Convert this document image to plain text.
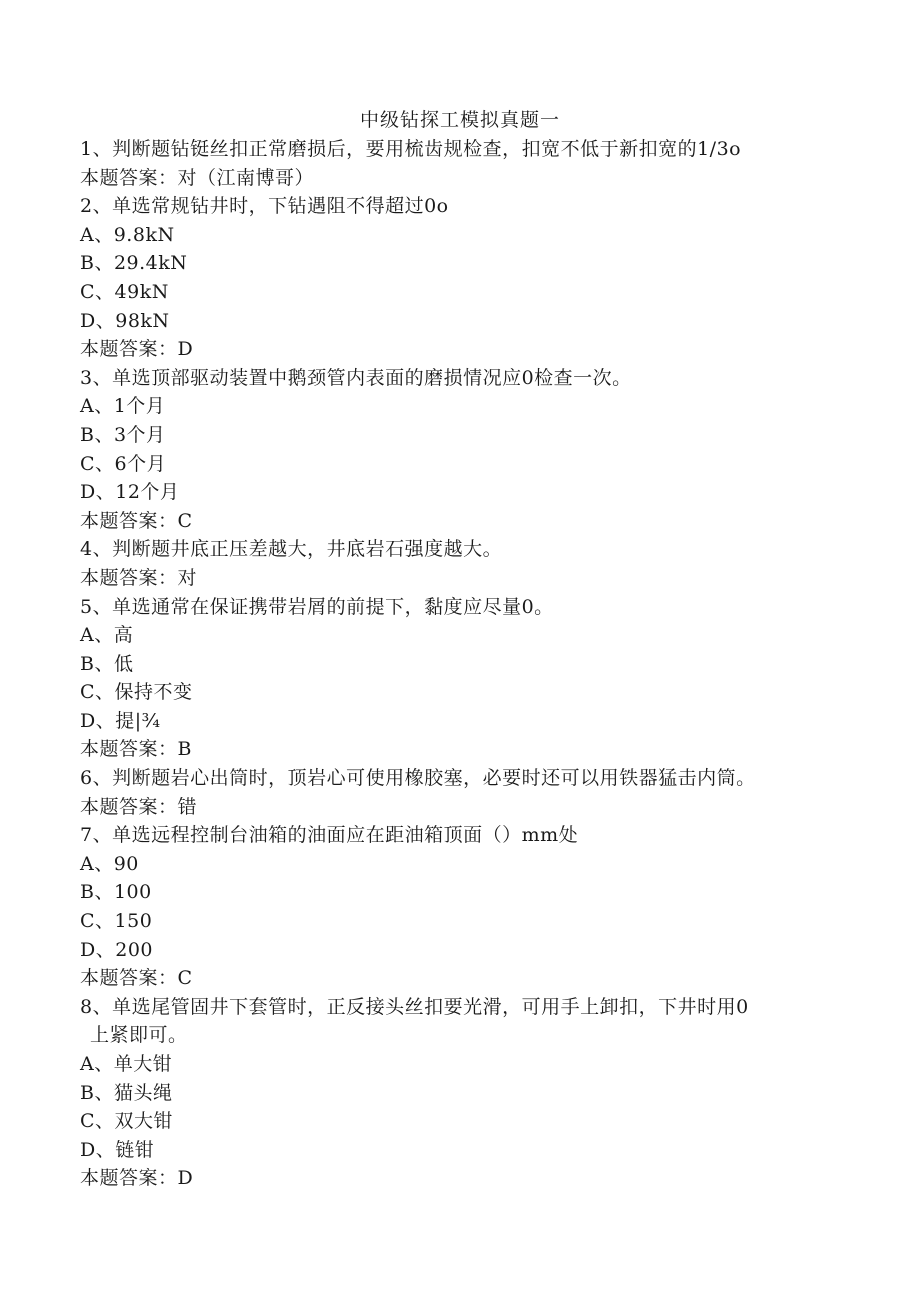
中级钻探工模拟真题一
1、判断题钻铤丝扣正常磨损后，要用梳齿规检查，扣宽不低于新扣宽的1/3o
本题答案：对（江南博哥）
2、单选常规钻井时，下钻遇阻不得超过0o
A、9.8kN
B、29.4kN
C、49kN
D、98kN
本题答案：D
3、单选顶部驱动装置中鹅颈管内表面的磨损情况应0检查一次。
A、1个月
B、3个月
C、6个月
D、12个月
本题答案：C
4、判断题井底正压差越大，井底岩石强度越大。
本题答案：对
5、单选通常在保证携带岩屑的前提下，黏度应尽量0。
A、高
B、低
C、保持不变
D、提|¾
本题答案：B
6、判断题岩心出筒时，顶岩心可使用橡胶塞，必要时还可以用铁器猛击内筒。
本题答案：错
7、单选远程控制台油箱的油面应在距油箱顶面（）mm处
A、90
B、100
C、150
D、200
本题答案：C
8、单选尾管固井下套管时，正反接头丝扣要光滑，可用手上卸扣，下井时用0
上紧即可。
A、单大钳
B、猫头绳
C、双大钳
D、链钳
本题答案：D
